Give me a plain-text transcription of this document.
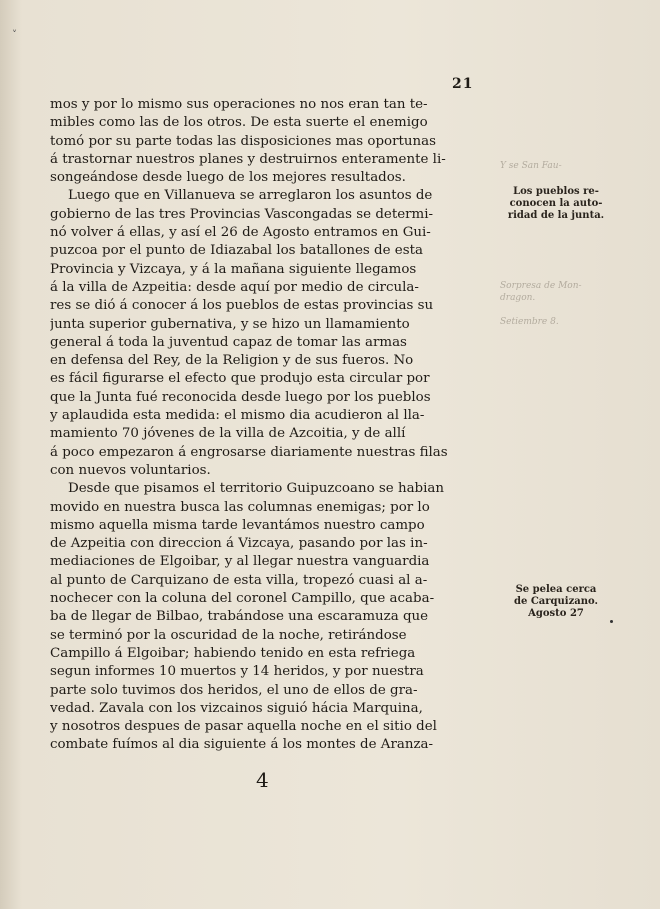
˅
21
mos y por lo mismo sus operaciones no nos eran tan te-
mibles como las de los otros. De esta suerte el enemigo
tomó por su parte todas las disposiciones mas oportunas
á trastornar nuestros planes y destruirnos enteramente li-
songeándose desde luego de los mejores resultados.
Luego que en Villanueva se arreglaron los asuntos de
gobierno de las tres Provincias Vascongadas se determi-
nó volver á ellas, y así el 26 de Agosto entramos en Gui-
puzcoa por el punto de Idiazabal los batallones de esta
Provincia y Vizcaya, y á la mañana siguiente llegamos
á la villa de Azpeitia: desde aquí por medio de circula-
res se dió á conocer á los pueblos de estas provincias su
junta superior gubernativa, y se hizo un llamamiento
general á toda la juventud capaz de tomar las armas
en defensa del Rey, de la Religion y de sus fueros. No
es fácil figurarse el efecto que produjo esta circular por
que la Junta fué reconocida desde luego por los pueblos
y aplaudida esta medida: el mismo dia acudieron al lla-
mamiento 70 jóvenes de la villa de Azcoitia, y de allí
á poco empezaron á engrosarse diariamente nuestras filas
con nuevos voluntarios.
Desde que pisamos el territorio Guipuzcoano se habian
movido en nuestra busca las columnas enemigas; por lo
mismo aquella misma tarde levantámos nuestro campo
de Azpeitia con direccion á Vizcaya, pasando por las in-
mediaciones de Elgoibar, y al llegar nuestra vanguardia
al punto de Carquizano de esta villa, tropezó cuasi al a-
nochecer con la coluna del coronel Campillo, que acaba-
ba de llegar de Bilbao, trabándose una escaramuza que
se terminó por la oscuridad de la noche, retirándose
Campillo á Elgoibar; habiendo tenido en esta refriega
segun informes 10 muertos y 14 heridos, y por nuestra
parte solo tuvimos dos heridos, el uno de ellos de gra-
vedad. Zavala con los vizcainos siguió hácia Marquina,
y nosotros despues de pasar aquella noche en el sitio del
combate fuímos al dia siguiente á los montes de Aranza-
Los pueblos re-
conocen la auto-
ridad de la junta.
Se pelea cerca
de Carquizano.
Agosto 27
Y se San Fau-
Sorpresa de Mon-
dragon.
Setiembre 8.
4
